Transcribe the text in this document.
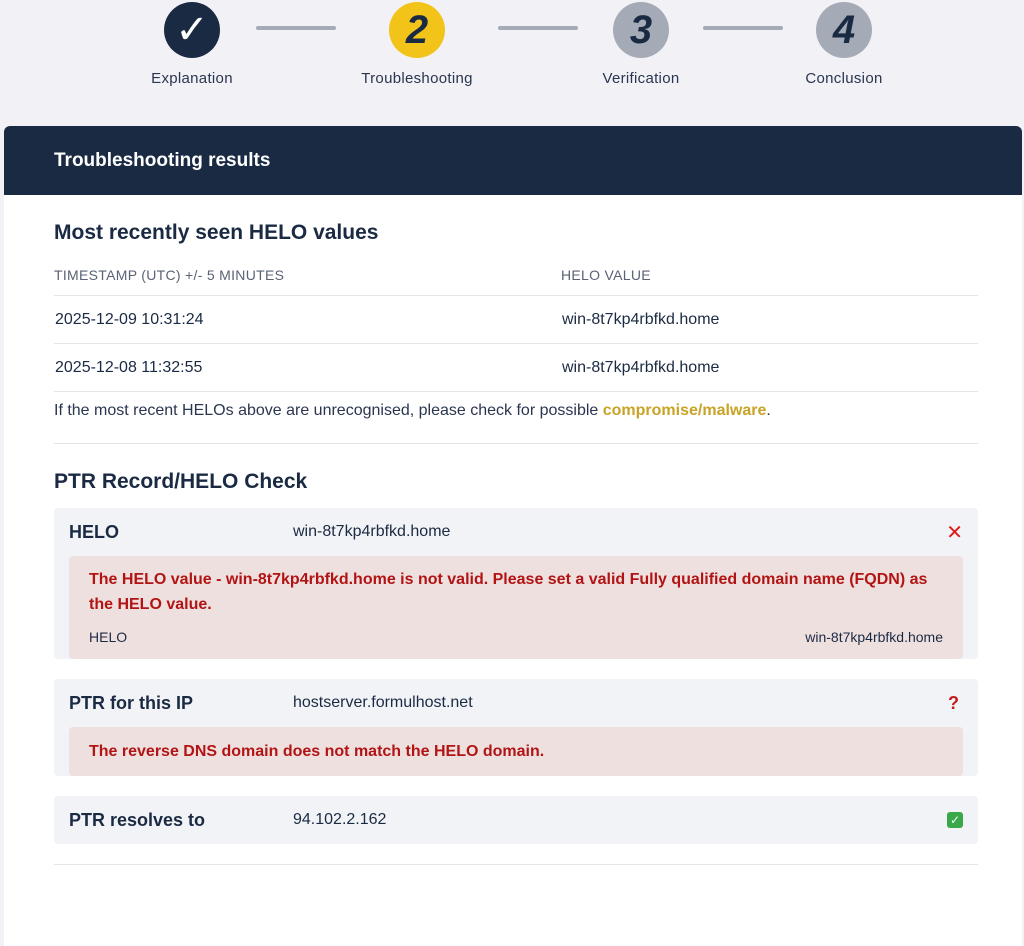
✓
Explanation
2
Troubleshooting
3
Verification
4
Conclusion
Troubleshooting results
Most recently seen HELO values
TIMESTAMP (UTC) +/- 5 MINUTES	HELO VALUE
2025-12-09 10:31:24	win-8t7kp4rbfkd.home
2025-12-08 11:32:55	win-8t7kp4rbfkd.home
If the most recent HELOs above are unrecognised, please check for possible compromise/malware.
PTR Record/HELO Check
HELO	win-8t7kp4rbfkd.home	✕
The HELO value - win-8t7kp4rbfkd.home is not valid. Please set a valid Fully qualified domain name (FQDN) as the HELO value.
HELO	win-8t7kp4rbfkd.home
PTR for this IP	hostserver.formulhost.net	?
The reverse DNS domain does not match the HELO domain.
PTR resolves to	94.102.2.162	✓
